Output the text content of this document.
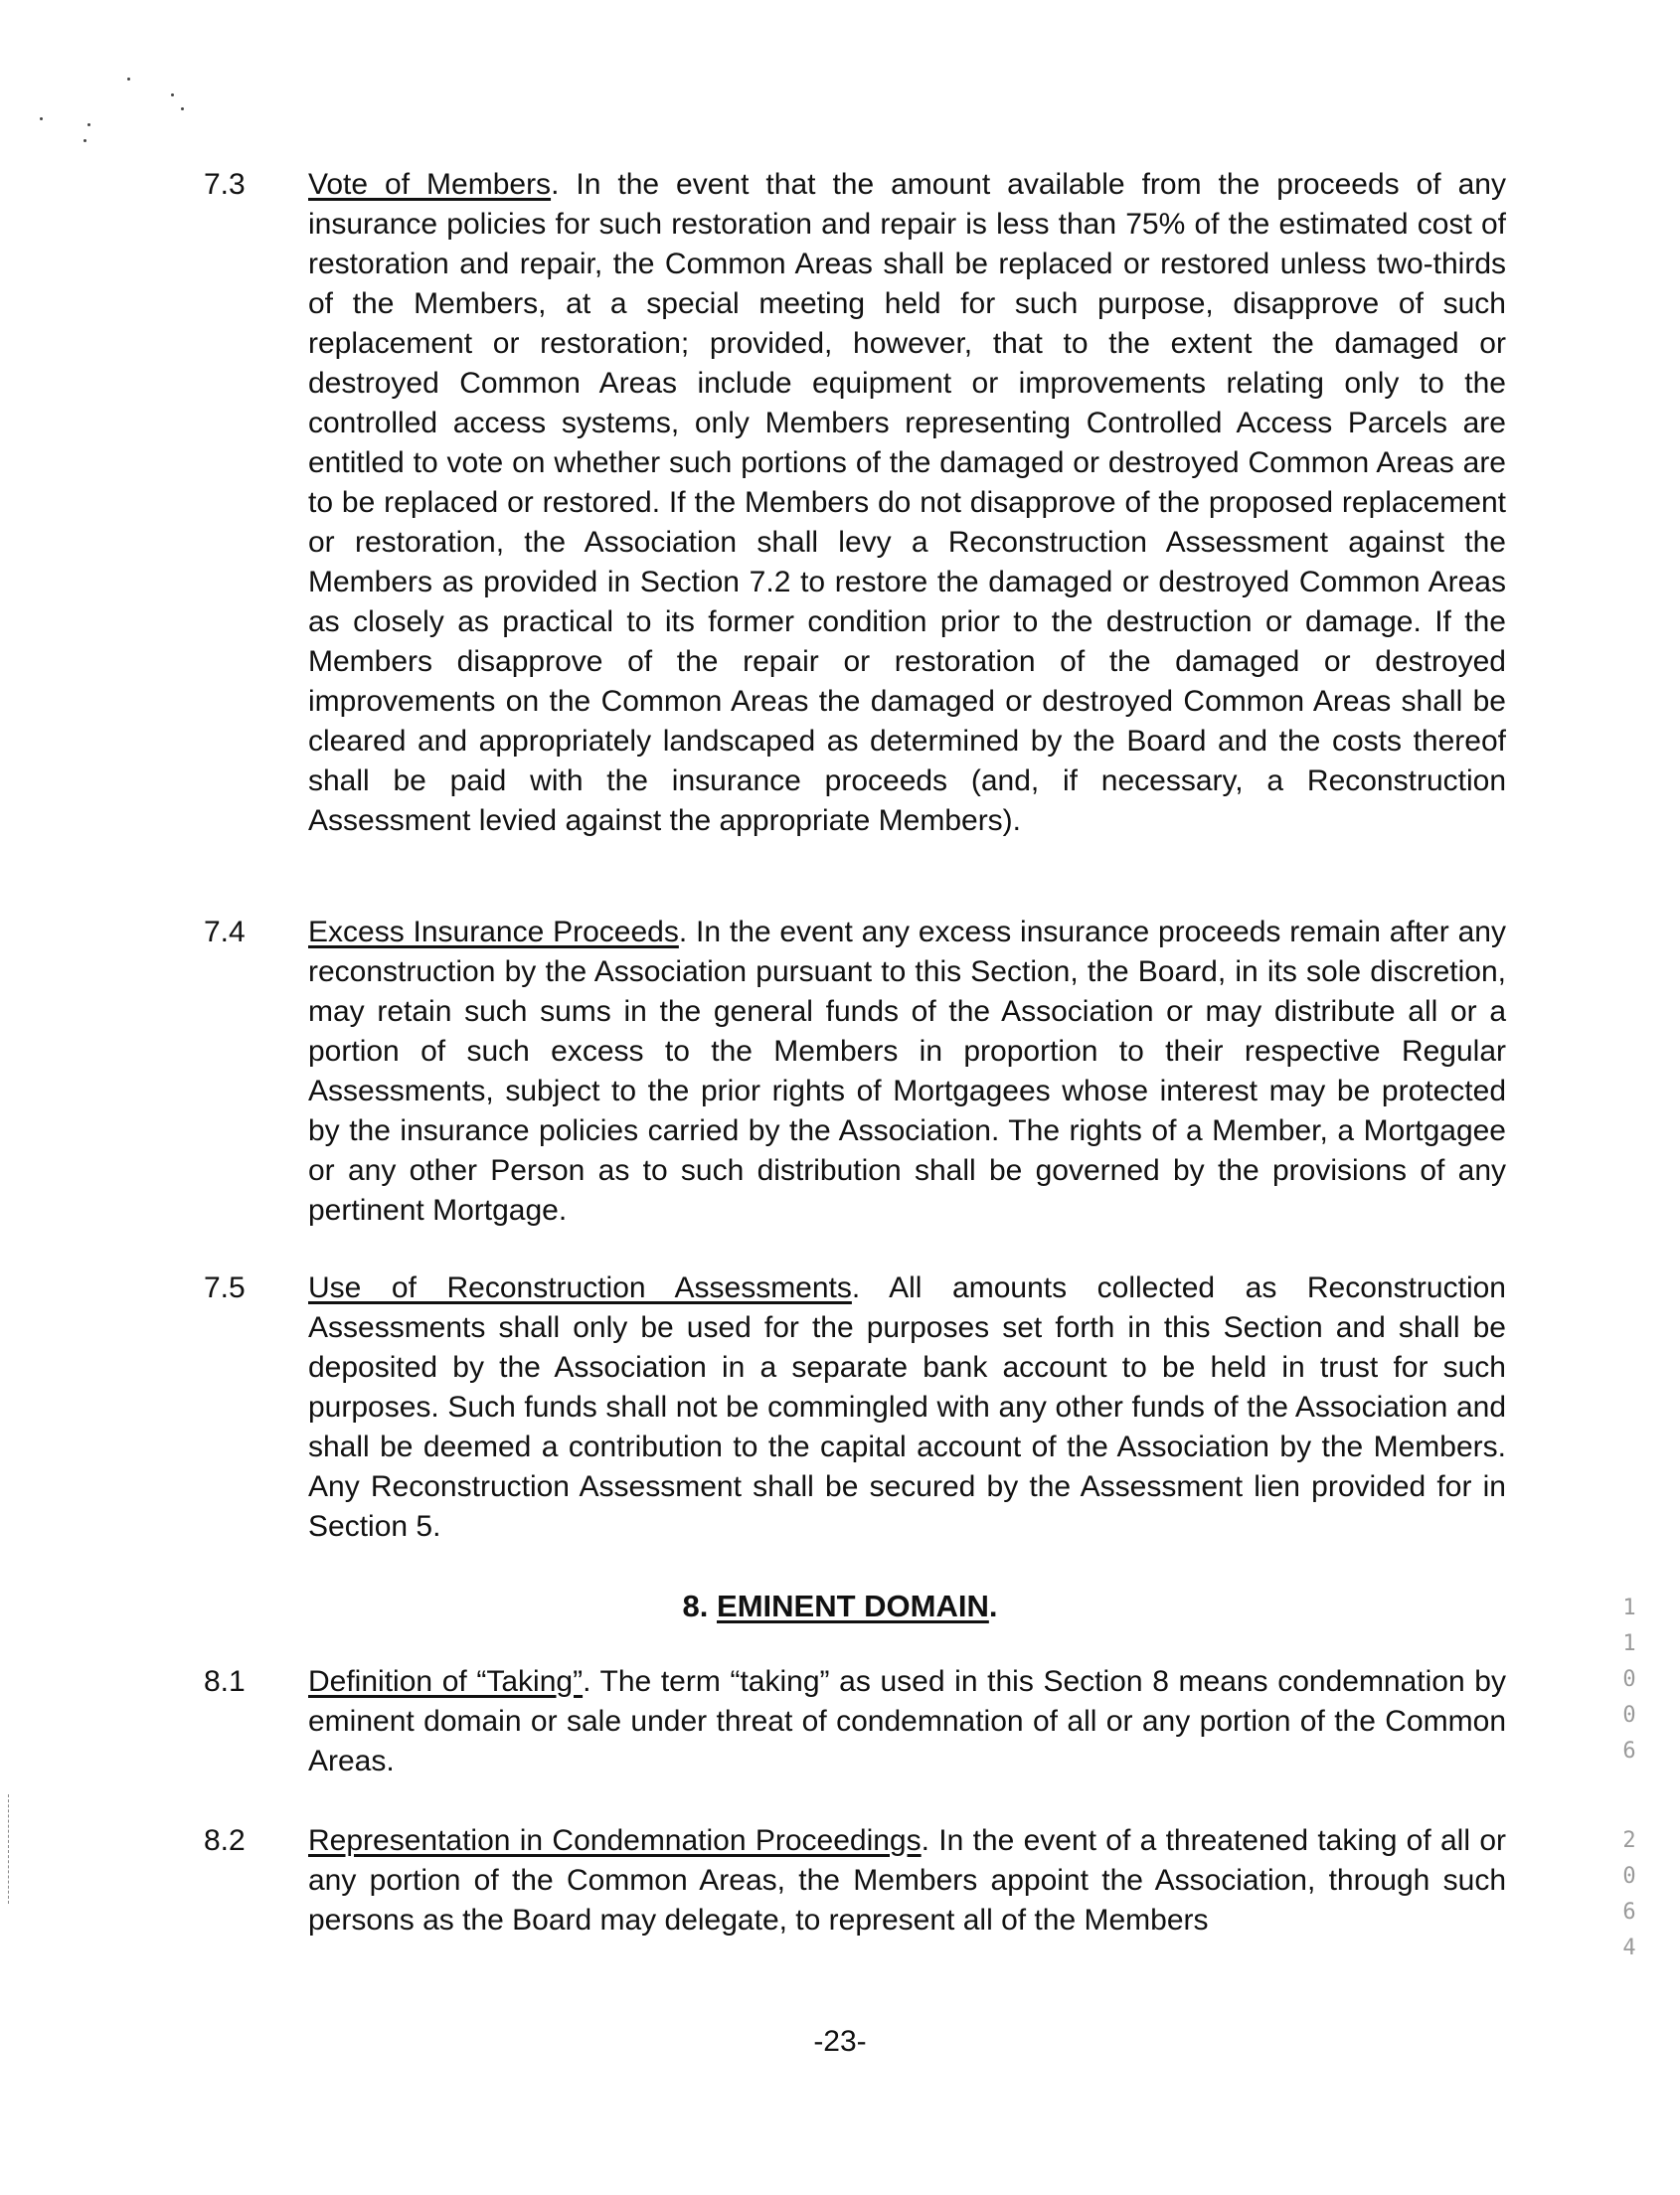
7.3 Vote of Members. In the event that the amount available from the proceeds of any insurance policies for such restoration and repair is less than 75% of the estimated cost of restoration and repair, the Common Areas shall be replaced or restored unless two-thirds of the Members, at a special meeting held for such purpose, disapprove of such replacement or restoration; provided, however, that to the extent the damaged or destroyed Common Areas include equipment or improvements relating only to the controlled access systems, only Members representing Controlled Access Parcels are entitled to vote on whether such portions of the damaged or destroyed Common Areas are to be replaced or restored. If the Members do not disapprove of the proposed replacement or restoration, the Association shall levy a Reconstruction Assessment against the Members as provided in Section 7.2 to restore the damaged or destroyed Common Areas as closely as practical to its former condition prior to the destruction or damage. If the Members disapprove of the repair or restoration of the damaged or destroyed improvements on the Common Areas the damaged or destroyed Common Areas shall be cleared and appropriately landscaped as determined by the Board and the costs thereof shall be paid with the insurance proceeds (and, if necessary, a Reconstruction Assessment levied against the appropriate Members).

7.4 Excess Insurance Proceeds. In the event any excess insurance proceeds remain after any reconstruction by the Association pursuant to this Section, the Board, in its sole discretion, may retain such sums in the general funds of the Association or may distribute all or a portion of such excess to the Members in proportion to their respective Regular Assessments, subject to the prior rights of Mortgagees whose interest may be protected by the insurance policies carried by the Association. The rights of a Member, a Mortgagee or any other Person as to such distribution shall be governed by the provisions of any pertinent Mortgage.

7.5 Use of Reconstruction Assessments. All amounts collected as Reconstruction Assessments shall only be used for the purposes set forth in this Section and shall be deposited by the Association in a separate bank account to be held in trust for such purposes. Such funds shall not be commingled with any other funds of the Association and shall be deemed a contribution to the capital account of the Association by the Members. Any Reconstruction Assessment shall be secured by the Assessment lien provided for in Section 5.

8. EMINENT DOMAIN.
8.1 Definition of “Taking”. The term “taking” as used in this Section 8 means condemnation by eminent domain or sale under threat of condemnation of all or any portion of the Common Areas.

8.2 Representation in Condemnation Proceedings. In the event of a threatened taking of all or any portion of the Common Areas, the Members appoint the Association, through such persons as the Board may delegate, to represent all of the Members

-23-
1
1
0
0
6
2
0
6
4
